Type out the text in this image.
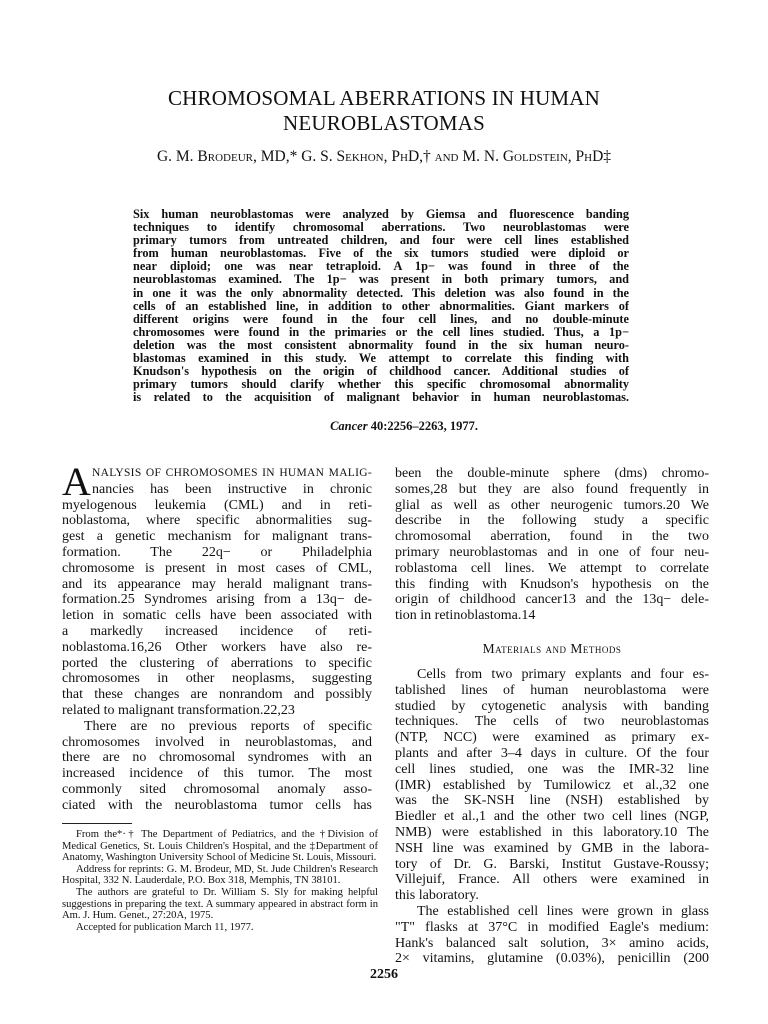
CHROMOSOMAL ABERRATIONS IN HUMAN
NEUROBLASTOMAS
G. M. Brodeur, MD,* G. S. Sekhon, PhD,† and M. N. Goldstein, PhD‡
Six human neuroblastomas were analyzed by Giemsa and fluorescence banding
techniques to identify chromosomal aberrations. Two neuroblastomas were
primary tumors from untreated children, and four were cell lines established
from human neuroblastomas. Five of the six tumors studied were diploid or
near diploid; one was near tetraploid. A 1p− was found in three of the
neuroblastomas examined. The 1p− was present in both primary tumors, and
in one it was the only abnormality detected. This deletion was also found in the
cells of an established line, in addition to other abnormalities. Giant markers of
different origins were found in the four cell lines, and no double-minute
chromosomes were found in the primaries or the cell lines studied. Thus, a 1p−
deletion was the most consistent abnormality found in the six human neuro-
blastomas examined in this study. We attempt to correlate this finding with
Knudson's hypothesis on the origin of childhood cancer. Additional studies of
primary tumors should clarify whether this specific chromosomal abnormality
is related to the acquisition of malignant behavior in human neuroblastomas.
Cancer 40:2256–2263, 1977.
A NALYSIS OF CHROMOSOMES IN HUMAN MALIG-
nancies has been instructive in chronic
myelogenous leukemia (CML) and in reti-
noblastoma, where specific abnormalities sug-
gest a genetic mechanism for malignant trans-
formation. The 22q− or Philadelphia
chromosome is present in most cases of CML,
and its appearance may herald malignant trans-
formation.25 Syndromes arising from a 13q− de-
letion in somatic cells have been associated with
a markedly increased incidence of reti-
noblastoma.16,26 Other workers have also re-
ported the clustering of aberrations to specific
chromosomes in other neoplasms, suggesting
that these changes are nonrandom and possibly
related to malignant transformation.22,23
There are no previous reports of specific
chromosomes involved in neuroblastomas, and
there are no chromosomal syndromes with an
increased incidence of this tumor. The most
commonly sited chromosomal anomaly asso-
ciated with the neuroblastoma tumor cells has
been the double-minute sphere (dms) chromo-
somes,28 but they are also found frequently in
glial as well as other neurogenic tumors.20 We
describe in the following study a specific
chromosomal aberration, found in the two
primary neuroblastomas and in one of four neu-
roblastoma cell lines. We attempt to correlate
this finding with Knudson's hypothesis on the
origin of childhood cancer13 and the 13q− dele-
tion in retinoblastoma.14
Materials and Methods
Cells from two primary explants and four es-
tablished lines of human neuroblastoma were
studied by cytogenetic analysis with banding
techniques. The cells of two neuroblastomas
(NTP, NCC) were examined as primary ex-
plants and after 3–4 days in culture. Of the four
cell lines studied, one was the IMR-32 line
(IMR) established by Tumilowicz et al.,32 one
was the SK-NSH line (NSH) established by
Biedler et al.,1 and the other two cell lines (NGP,
NMB) were established in this laboratory.10 The
NSH line was examined by GMB in the labora-
tory of Dr. G. Barski, Institut Gustave-Roussy;
Villejuif, France. All others were examined in
this laboratory.
The established cell lines were grown in glass
"T" flasks at 37°C in modified Eagle's medium:
Hank's balanced salt solution, 3× amino acids,
2× vitamins, glutamine (0.03%), penicillin (200

From the*·† The Department of Pediatrics, and the †Division of Medical Genetics, St. Louis Children's Hospital, and the ‡Department of Anatomy, Washington University School of Medicine St. Louis, Missouri.

Address for reprints: G. M. Brodeur, MD, St. Jude Children's Research Hospital, 332 N. Lauderdale, P.O. Box 318, Memphis, TN 38101.

The authors are grateful to Dr. William S. Sly for making helpful suggestions in preparing the text. A summary appeared in abstract form in Am. J. Hum. Genet., 27:20A, 1975.

Accepted for publication March 11, 1977.

2256
